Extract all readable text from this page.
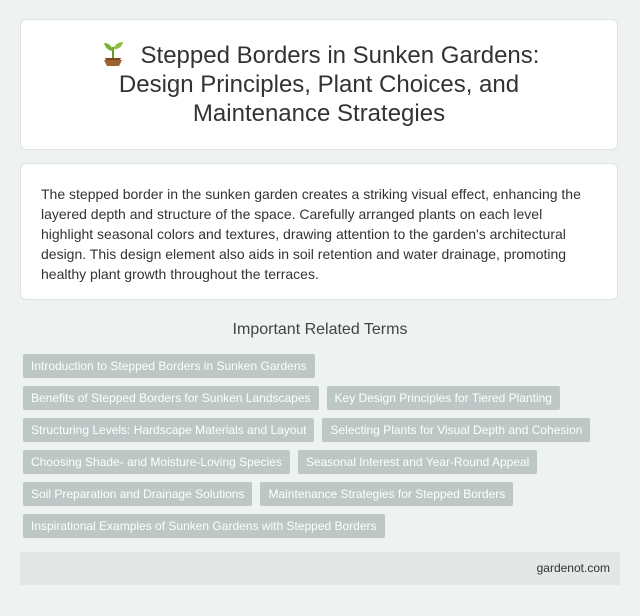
Stepped Borders in Sunken Gardens: Design Principles, Plant Choices, and Maintenance Strategies

The stepped border in the sunken garden creates a striking visual effect, enhancing the layered depth and structure of the space. Carefully arranged plants on each level highlight seasonal colors and textures, drawing attention to the garden's architectural design. This design element also aids in soil retention and water drainage, promoting healthy plant growth throughout the terraces.

Important Related Terms
Introduction to Stepped Borders in Sunken Gardens
Benefits of Stepped Borders for Sunken Landscapes	Key Design Principles for Tiered Planting
Structuring Levels: Hardscape Materials and Layout	Selecting Plants for Visual Depth and Cohesion
Choosing Shade- and Moisture-Loving Species	Seasonal Interest and Year-Round Appeal
Soil Preparation and Drainage Solutions	Maintenance Strategies for Stepped Borders
Inspirational Examples of Sunken Gardens with Stepped Borders
gardenot.com
